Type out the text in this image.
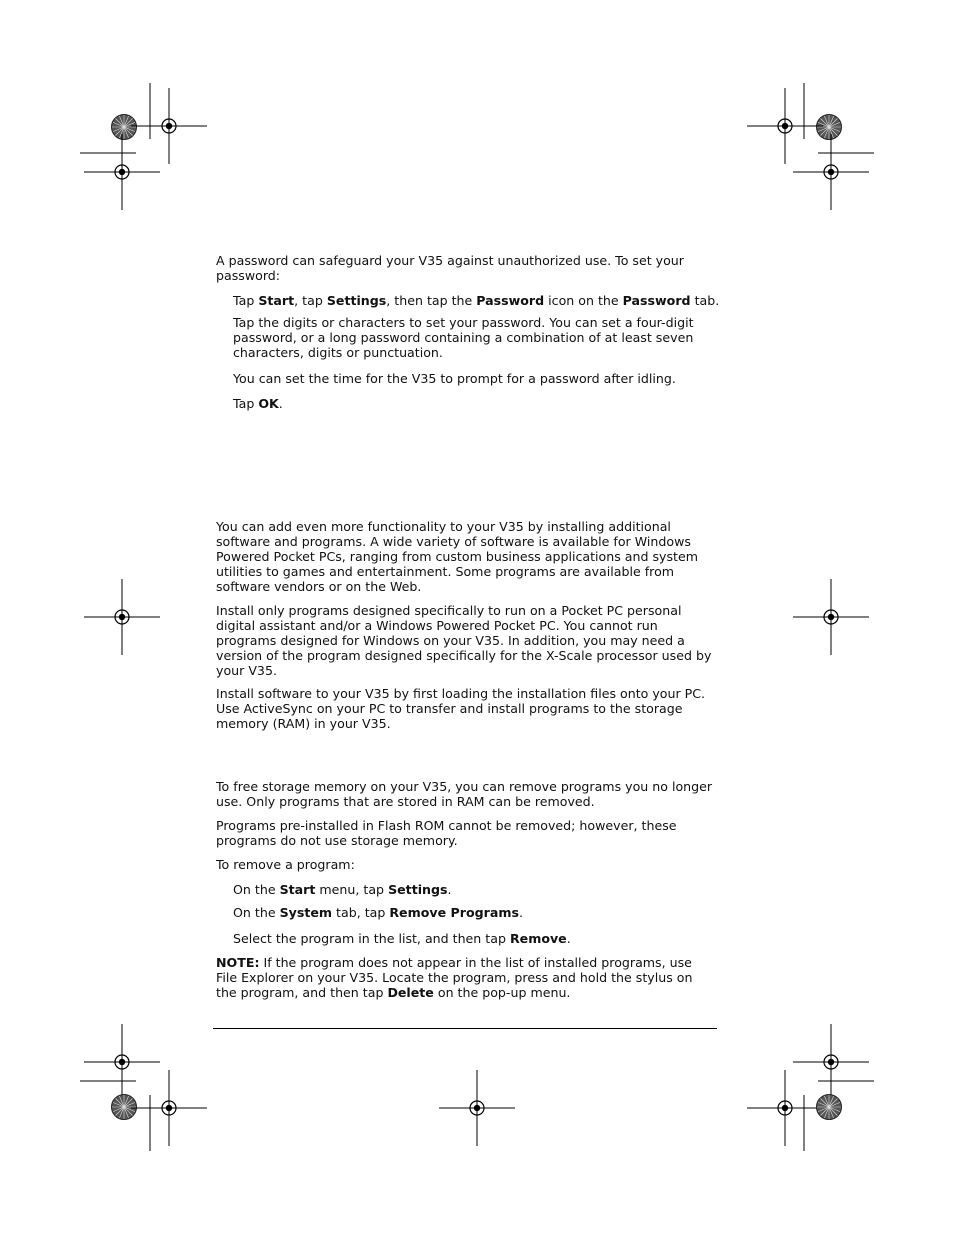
A password can safeguard your V35 against unauthorized use. To set your
password:

Tap Start, tap Settings, then tap the Password icon on the Password tab.

Tap the digits or characters to set your password. You can set a four-digit
password, or a long password containing a combination of at least seven
characters, digits or punctuation.

You can set the time for the V35 to prompt for a password after idling.

Tap OK.

You can add even more functionality to your V35 by installing additional
software and programs. A wide variety of software is available for Windows
Powered Pocket PCs, ranging from custom business applications and system
utilities to games and entertainment. Some programs are available from
software vendors or on the Web.

Install only programs designed specifically to run on a Pocket PC personal
digital assistant and/or a Windows Powered Pocket PC. You cannot run
programs designed for Windows on your V35. In addition, you may need a
version of the program designed specifically for the X-Scale processor used by
your V35.

Install software to your V35 by first loading the installation files onto your PC.
Use ActiveSync on your PC to transfer and install programs to the storage
memory (RAM) in your V35.

To free storage memory on your V35, you can remove programs you no longer
use. Only programs that are stored in RAM can be removed.

Programs pre-installed in Flash ROM cannot be removed; however, these
programs do not use storage memory.

To remove a program:

On the Start menu, tap Settings.

On the System tab, tap Remove Programs.

Select the program in the list, and then tap Remove.

NOTE: If the program does not appear in the list of installed programs, use
File Explorer on your V35. Locate the program, press and hold the stylus on
the program, and then tap Delete on the pop-up menu.
